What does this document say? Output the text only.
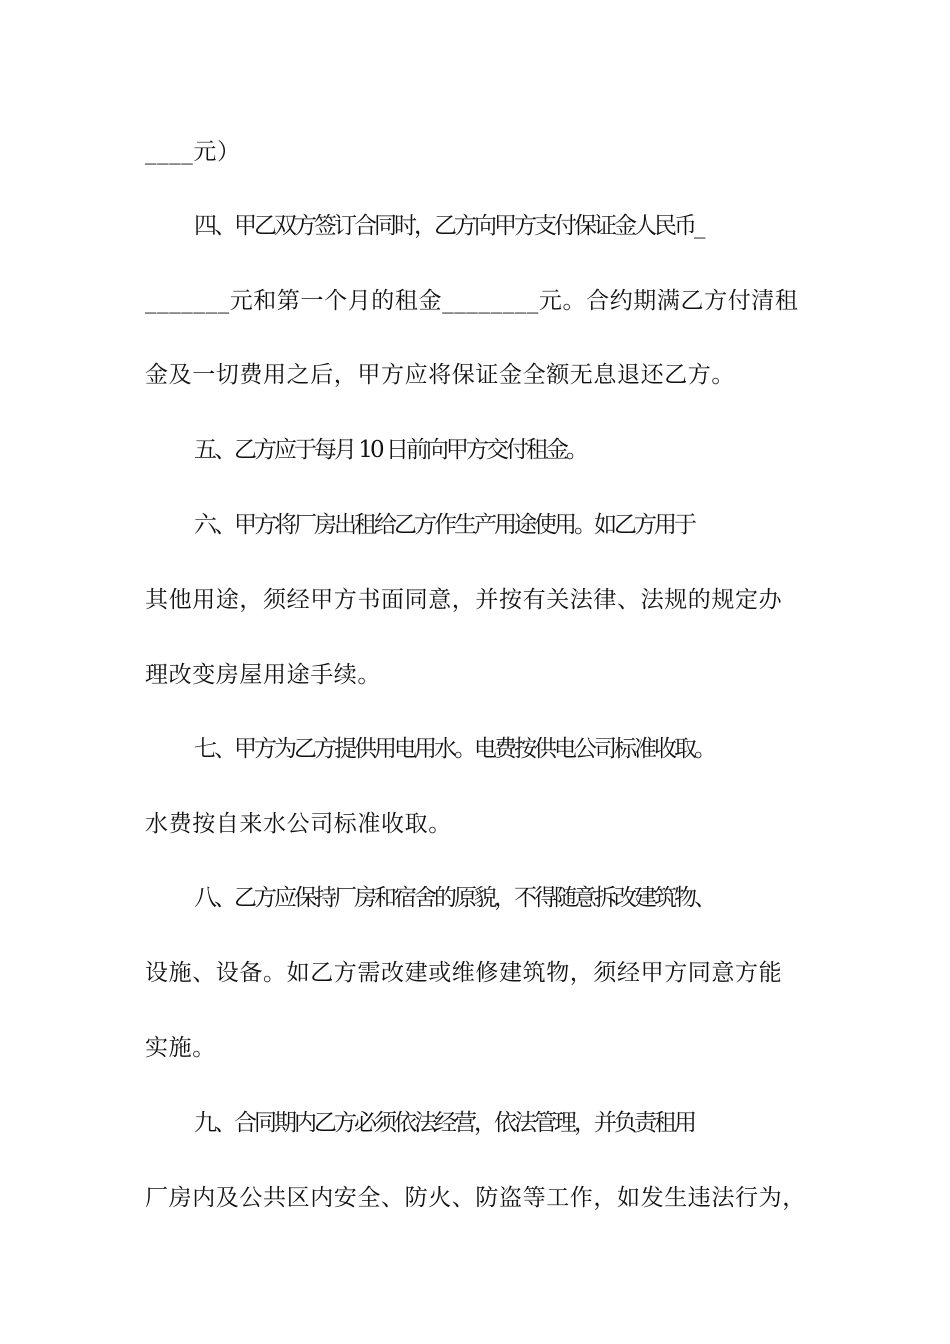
____元）
四、甲乙双方签订合同时，乙方向甲方支付保证金人民币_
_______元和第一个月的租金________元。合约期满乙方付清租
金及一切费用之后，甲方应将保证金全额无息退还乙方。
五、乙方应于每月 10 日前向甲方交付租金。
六、甲方将厂房出租给乙方作生产用途使用。如乙方用于
其他用途，须经甲方书面同意，并按有关法律、法规的规定办
理改变房屋用途手续。
七、甲方为乙方提供用电用水。电费按供电公司标准收取。
水费按自来水公司标准收取。
八、乙方应保持厂房和宿舍的原貌，不得随意拆改建筑物、
设施、设备。如乙方需改建或维修建筑物，须经甲方同意方能
实施。
九、合同期内乙方必须依法经营，依法管理，并负责租用
厂房内及公共区内安全、防火、防盗等工作，如发生违法行为，
